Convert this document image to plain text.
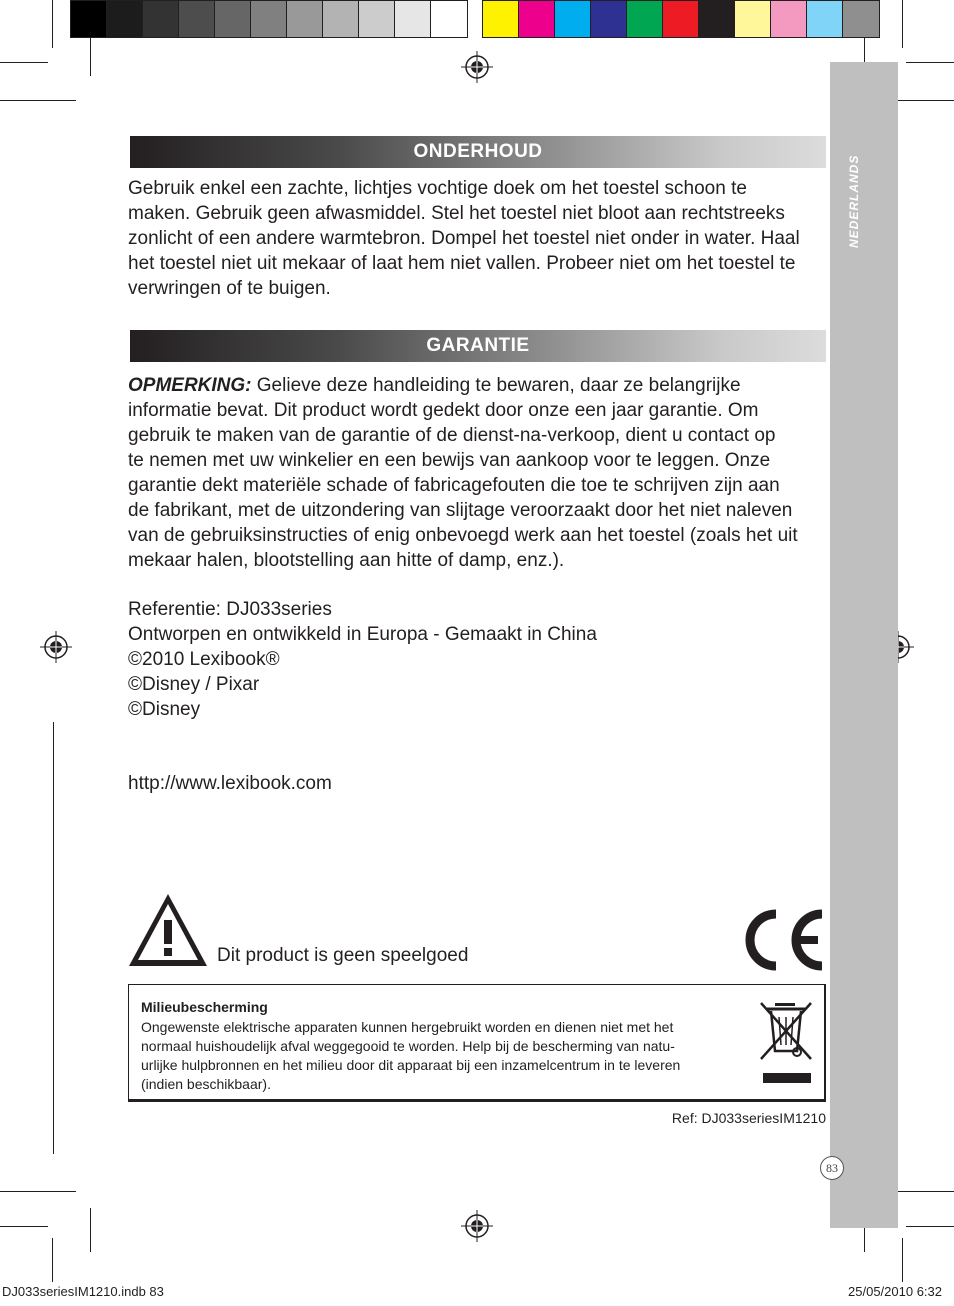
NEDERLANDS
ONDERHOUD
Gebruik enkel een zachte, lichtjes vochtige doek om het toestel schoon te
maken. Gebruik geen afwasmiddel. Stel het toestel niet bloot aan rechtstreeks
zonlicht of een andere warmtebron. Dompel het toestel niet onder in water. Haal
het toestel niet uit mekaar of laat hem niet vallen. Probeer niet om het toestel te
verwringen of te buigen.
GARANTIE
OPMERKING: Gelieve deze handleiding te bewaren, daar ze belangrijke
informatie bevat. Dit product wordt gedekt door onze een jaar garantie. Om
gebruik te maken van de garantie of de dienst-na-verkoop, dient u contact op
te nemen met uw winkelier en een bewijs van aankoop voor te leggen. Onze
garantie dekt materiële schade of fabricagefouten die toe te schrijven zijn aan
de fabrikant, met de uitzondering van slijtage veroorzaakt door het niet naleven
van de gebruiksinstructies of enig onbevoegd werk aan het toestel (zoals het uit
mekaar halen, blootstelling aan hitte of damp, enz.).
Referentie: DJ033series
Ontworpen en ontwikkeld in Europa - Gemaakt in China
©2010 Lexibook®
©Disney / Pixar
©Disney
http://www.lexibook.com
Dit product is geen speelgoed
Milieubescherming
Ongewenste elektrische apparaten kunnen hergebruikt worden en dienen niet met het
normaal huishoudelijk afval weggegooid te worden. Help bij de bescherming van natu-
urlijke hulpbronnen en het milieu door dit apparaat bij een inzamelcentrum in te leveren
(indien beschikbaar).
Ref: DJ033seriesIM1210
83
DJ033seriesIM1210.indb 83	25/05/2010 6:32
